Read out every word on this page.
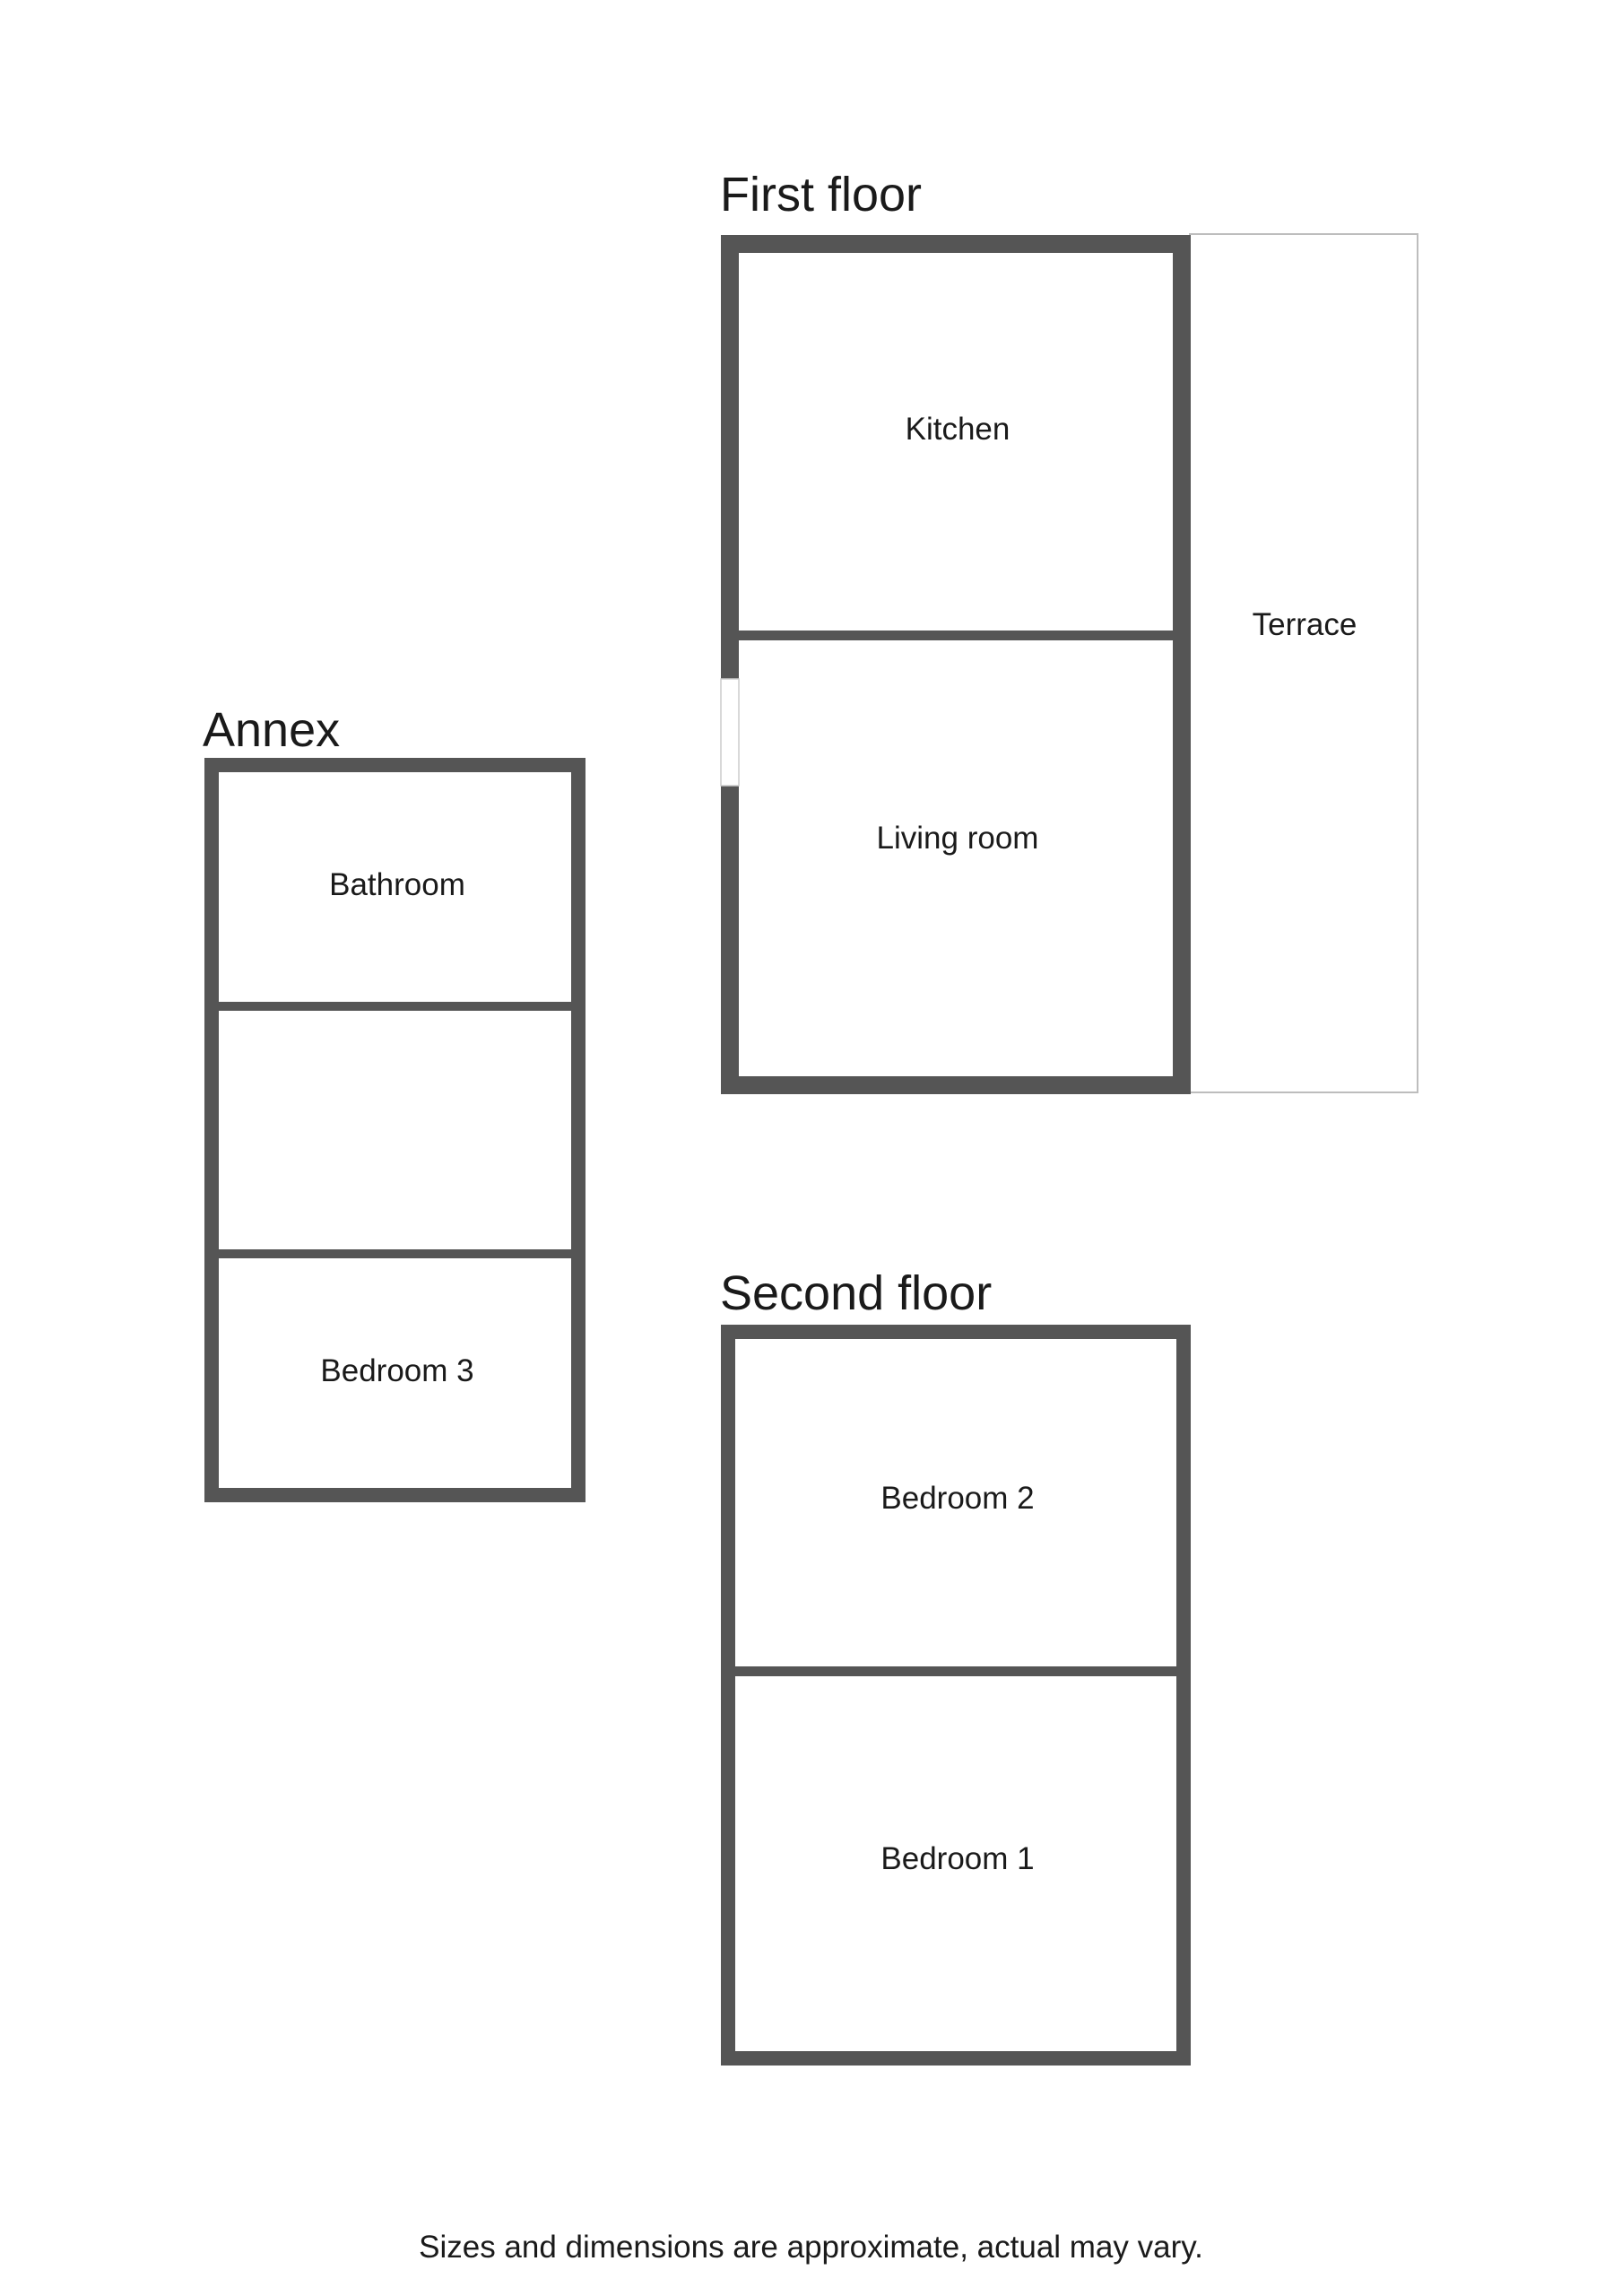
First floor
Terrace
Kitchen
Living room
Annex
Bathroom
Bedroom 3
Second floor
Bedroom 2
Bedroom 1
Sizes and dimensions are approximate, actual may vary.
